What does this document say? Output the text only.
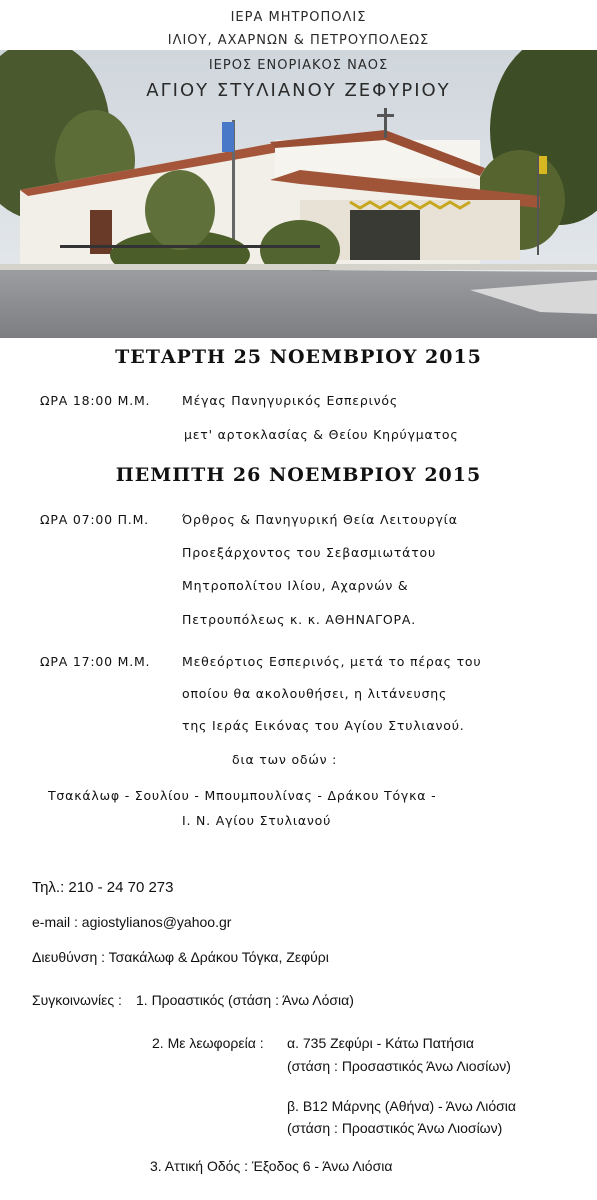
ΙΕΡΑ ΜΗΤΡΟΠΟΛΙΣ
ΙΛΙΟΥ, ΑΧΑΡΝΩΝ & ΠΕΤΡΟΥΠΟΛΕΩΣ
ΙΕΡΟΣ ΕΝΟΡΙΑΚΟΣ ΝΑΟΣ
ΑΓΙΟΥ ΣΤΥΛΙΑΝΟΥ ΖΕΦΥΡΙΟΥ
ΤΕΤΑΡΤΗ 25 ΝΟΕΜΒΡΙΟΥ 2015
ΩΡΑ 18:00 Μ.Μ.	Μέγας Πανηγυρικός Εσπερινός
μετ' αρτοκλασίας & Θείου Κηρύγματος
ΠΕΜΠΤΗ 26 ΝΟΕΜΒΡΙΟΥ 2015
ΩΡΑ 07:00 Π.Μ.	Όρθρος & Πανηγυρική Θεία Λειτουργία
Προεξάρχοντος του Σεβασμιωτάτου
Μητροπολίτου Ιλίου, Αχαρνών &
Πετρουπόλεως κ. κ. ΑΘΗΝΑΓΟΡΑ.
ΩΡΑ 17:00 Μ.Μ.	Μεθεόρτιος Εσπερινός, μετά το πέρας του
οποίου θα ακολουθήσει, η λιτάνευσης
της Ιεράς Εικόνας του Αγίου Στυλιανού.
δια των οδών :
Τσακάλωφ - Σουλίου - Μπουμπουλίνας - Δράκου Τόγκα -
Ι. Ν. Αγίου Στυλιανού
Τηλ.: 210 - 24 70 273
e-mail : agiostylianos@yahoo.gr
Διευθύνση : Τσακάλωφ & Δράκου Τόγκα, Ζεφύρι
Συγκοινωνίες : 1. Προαστικός (στάση : Άνω Λόσια)
2. Με λεωφορεία : α. 735 Ζεφύρι - Κάτω Πατήσια
(στάση : Προσαστικός Άνω Λιοσίων)
β. Β12 Μάρνης (Αθήνα) - Άνω Λιόσια
(στάση : Προαστικός Άνω Λιοσίων)
3. Αττική Οδός : Έξοδος 6 - Άνω Λιόσια
